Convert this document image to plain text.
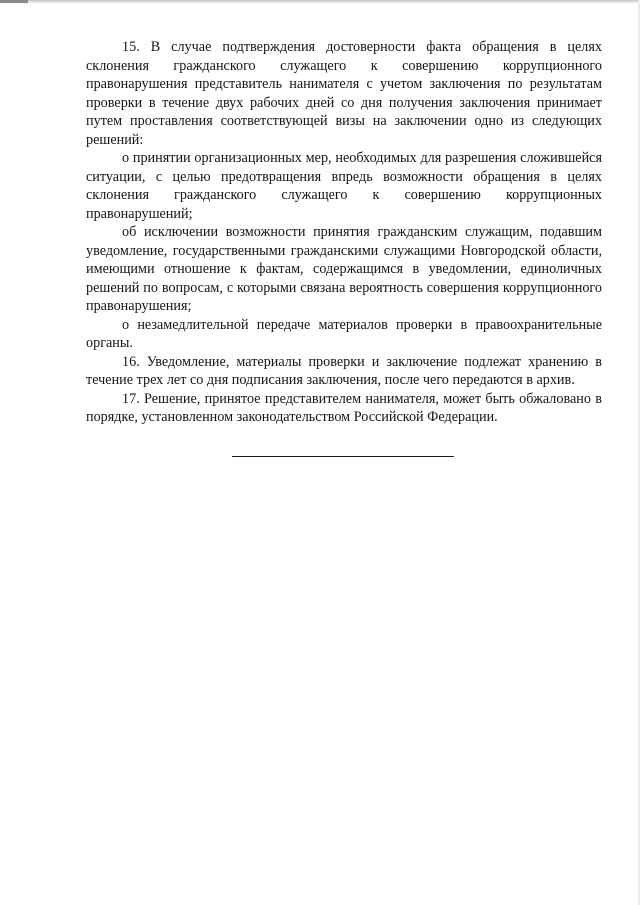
15. В случае подтверждения достоверности факта обращения в целях склонения гражданского служащего к совершению коррупционного правонарушения представитель нанимателя с учетом заключения по результатам проверки в течение двух рабочих дней со дня получения заключения принимает путем проставления соответствующей визы на заключении одно из следующих решений:

о принятии организационных мер, необходимых для разрешения сложившейся ситуации, с целью предотвращения впредь возможности обращения в целях склонения гражданского служащего к совершению коррупционных правонарушений;

об исключении возможности принятия гражданским служащим, подавшим уведомление, государственными гражданскими служащими Новгородской области, имеющими отношение к фактам, содержащимся в уведомлении, единоличных решений по вопросам, с которыми связана вероятность совершения коррупционного правонарушения;

о незамедлительной передаче материалов проверки в правоохранительные органы.

16. Уведомление, материалы проверки и заключение подлежат хранению в течение трех лет со дня подписания заключения, после чего передаются в архив.

17. Решение, принятое представителем нанимателя, может быть обжаловано в порядке, установленном законодательством Российской Федерации.
